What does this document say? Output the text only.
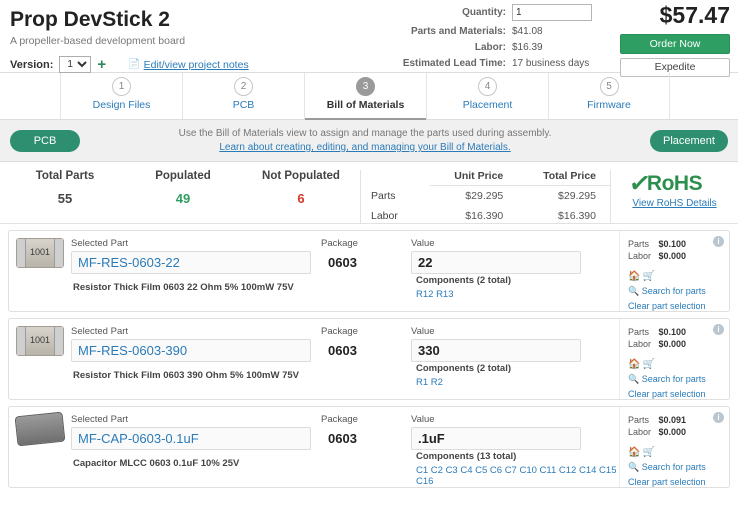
Prop DevStick 2
A propeller-based development board
Version:
1	+ 📄 Edit/view project notes
Quantity:
1
Parts and Materials: $41.08
Labor: $16.39
Estimated Lead Time: 17 business days
$57.47
Order Now
Expedite
1
Design Files
2
PCB
3
Bill of Materials
4
Placement
5
Firmware
PCB
Use the Bill of Materials view to assign and manage the parts used during assembly.
Learn about creating, editing, and managing your Bill of Materials.
Placement
Total Parts
55
Populated
49
Not Populated
6
	Unit Price	Total Price
Parts	$29.295	$29.295
Labor	$16.390	$16.390
✓
RoHS
View RoHS Details
1001
Selected Part
MF-RES-0603-22
Package
0603
Value
22
Resistor Thick Film 0603 22 Ohm 5% 100mW 75V
Components (2 total)
R12 R13
i
Parts $0.100
Labor $0.000
🏠🛒
🔍 Search for parts
Clear part selection
1001
Selected Part
MF-RES-0603-390
Package
0603
Value
330
Resistor Thick Film 0603 390 Ohm 5% 100mW 75V
Components (2 total)
R1 R2
i
Parts $0.100
Labor $0.000
🏠🛒
🔍 Search for parts
Clear part selection
Selected Part
MF-CAP-0603-0.1uF
Package
0603
Value
.1uF
Capacitor MLCC 0603 0.1uF 10% 25V
Components (13 total)
C1 C2 C3 C4 C5 C6 C7 C10 C11 C12 C14 C15 C16
i
Parts $0.091
Labor $0.000
🏠🛒
🔍 Search for parts
Clear part selection
